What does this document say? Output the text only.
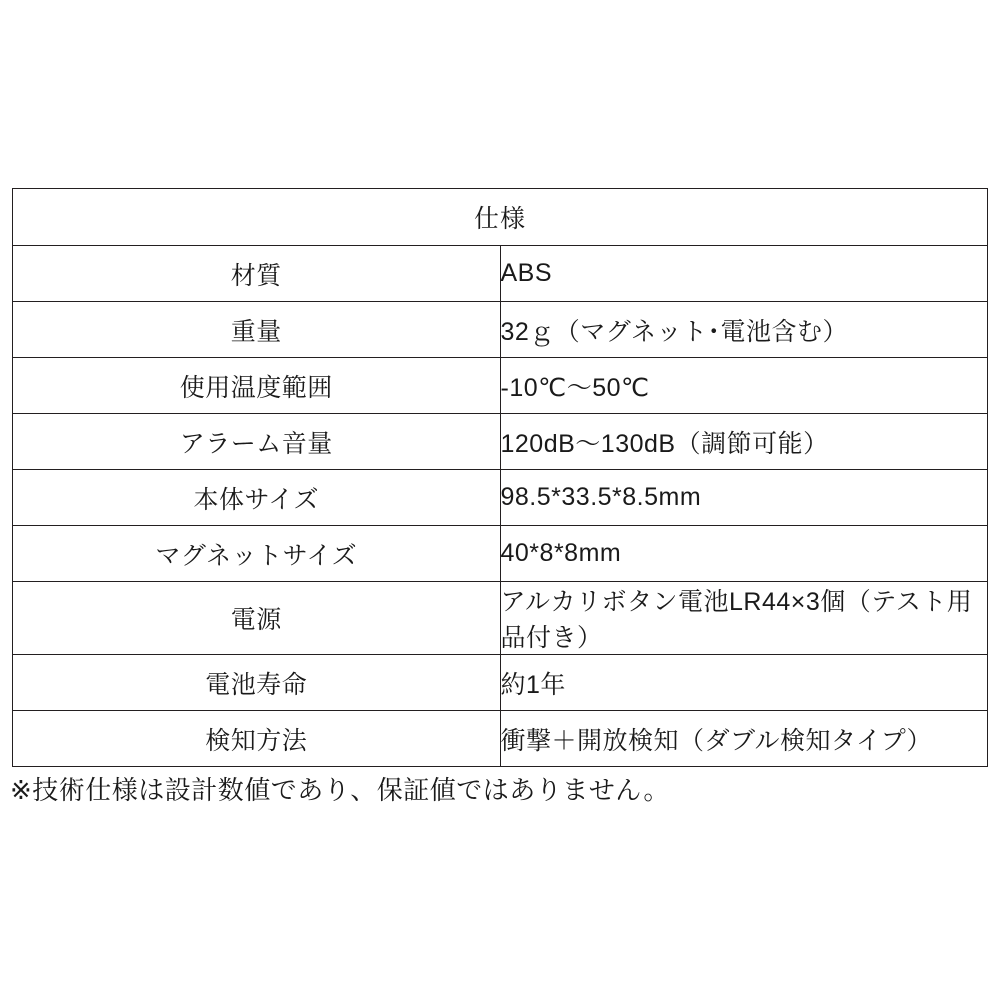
仕様	
材質	ABS
重量	32ｇ（マグネット･電池含む）
使用温度範囲	-10℃〜50℃
アラーム音量	120dB〜130dB（調節可能）
本体サイズ	98.5*33.5*8.5mm
マグネットサイズ	40*8*8mm
電源	アルカリボタン電池LR44×3個（テスト用品付き）
電池寿命	約1年
検知方法	衝撃＋開放検知（ダブル検知タイプ）
※技術仕様は設計数値であり、保証値ではありません。
